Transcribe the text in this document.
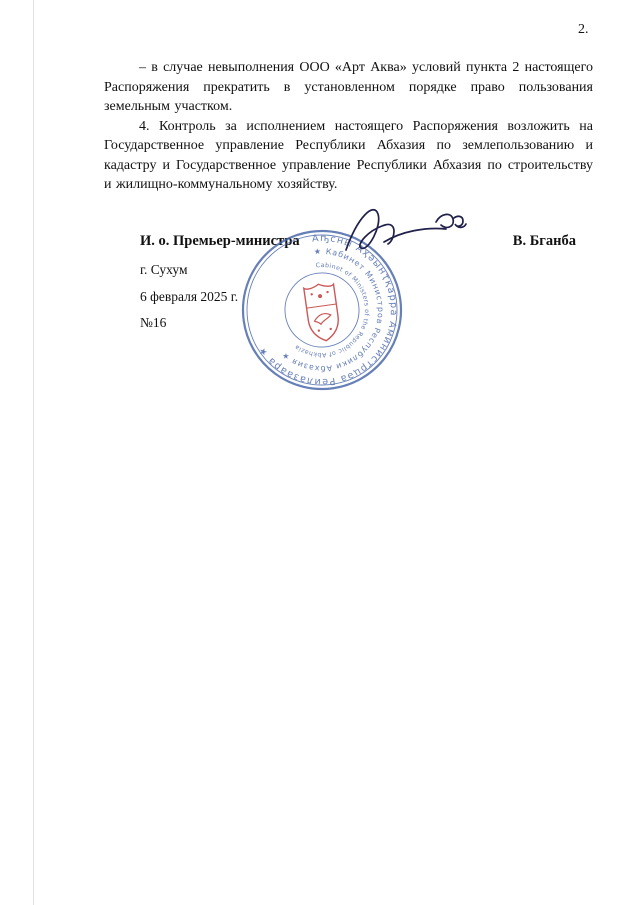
2.

– в случае невыполнения ООО «Арт Аква» условий пункта 2 настоящего Распоряжения прекратить в установленном порядке право пользования земельным участком.

4. Контроль за исполнением настоящего Распоряжения возложить на Государственное управление Республики Абхазия по землепользованию и кадастру и Государственное управление Республики Абхазия по строительству и жилищно-коммунальному хозяйству.

И. о. Премьер-министра	В. Бганба
г. Сухум
6 февраля 2025 г.
№16
Аҧсны Аҳәынҭқарра Аминистрцәа Реилазаара ★
★ Кабинет Министров Республики Абхазия ★
Cabinet of Ministers of the Republic of Abkhazia
